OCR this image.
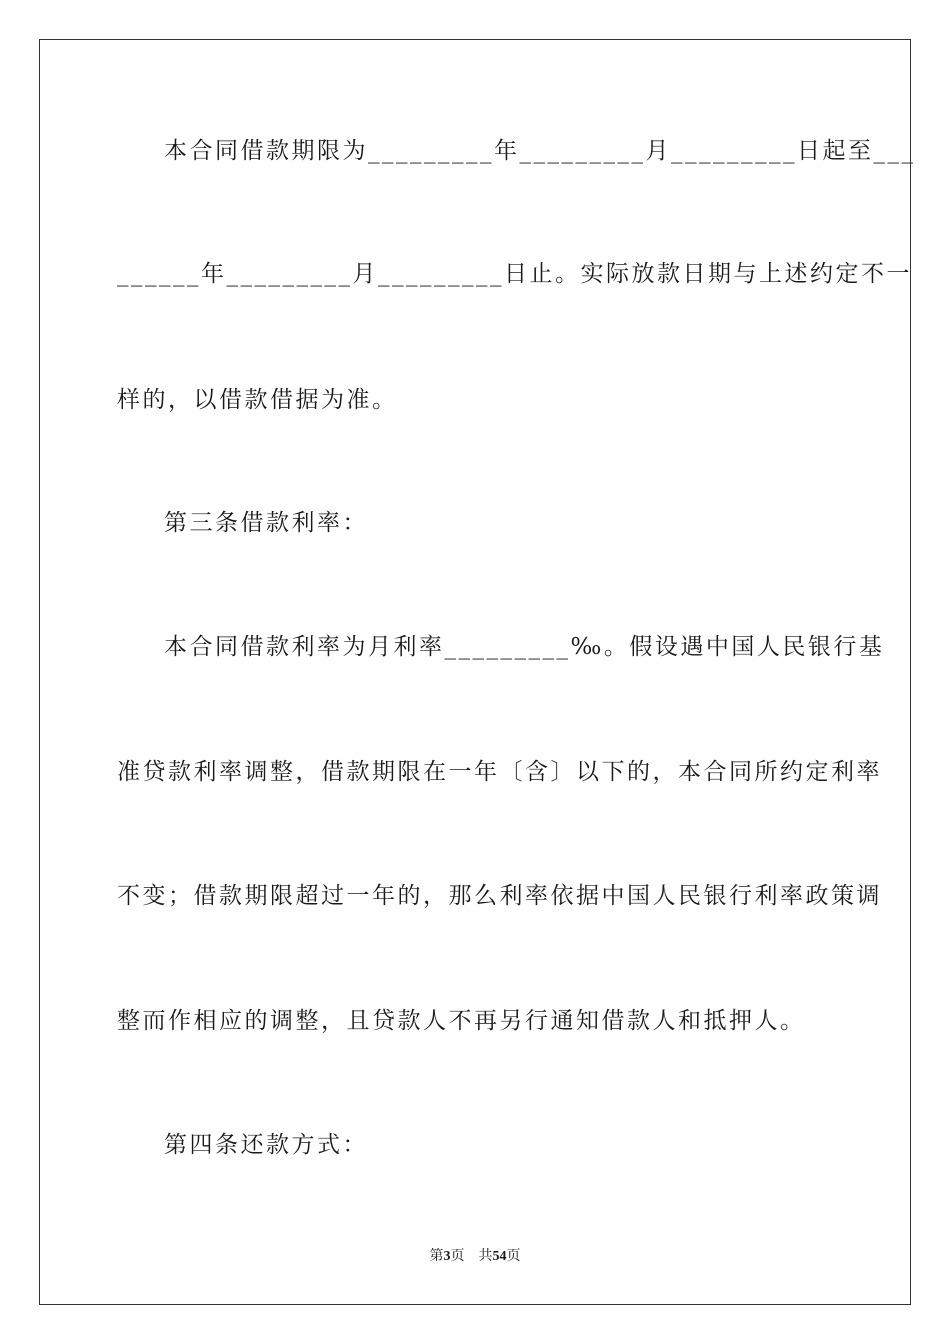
本合同借款期限为_________年_________月_________日起至___
______年_________月_________日止。实际放款日期与上述约定不一
样的，以借款借据为准。
第三条借款利率：
本合同借款利率为月利率_________‰。假设遇中国人民银行基
准贷款利率调整，借款期限在一年〔含〕以下的，本合同所约定利率
不变；借款期限超过一年的，那么利率依据中国人民银行利率政策调
整而作相应的调整，且贷款人不再另行通知借款人和抵押人。
第四条还款方式：
第3页 共54页
